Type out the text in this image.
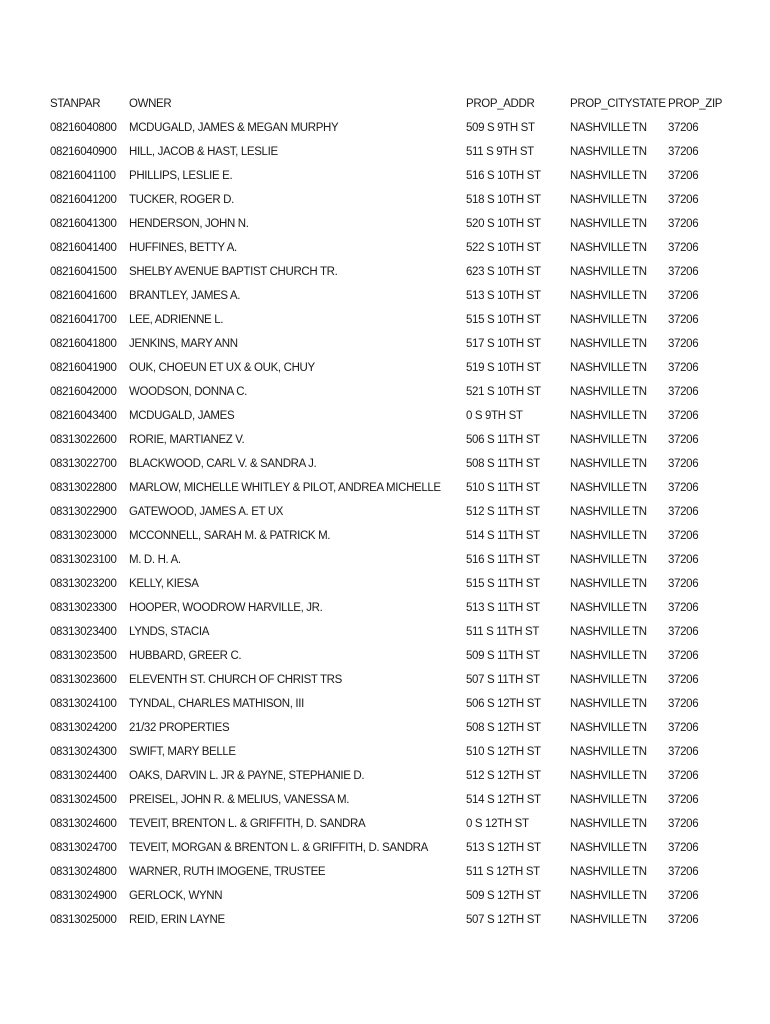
STANPAR	OWNER	PROP_ADDR	PROP_CITY	STATE	PROP_ZIP
08216040800	MCDUGALD, JAMES & MEGAN MURPHY	509 S 9TH ST	NASHVILLE	TN	37206
08216040900	HILL, JACOB & HAST, LESLIE	511 S 9TH ST	NASHVILLE	TN	37206
08216041100	PHILLIPS, LESLIE E.	516 S 10TH ST	NASHVILLE	TN	37206
08216041200	TUCKER, ROGER D.	518 S 10TH ST	NASHVILLE	TN	37206
08216041300	HENDERSON, JOHN N.	520 S 10TH ST	NASHVILLE	TN	37206
08216041400	HUFFINES, BETTY A.	522 S 10TH ST	NASHVILLE	TN	37206
08216041500	SHELBY AVENUE BAPTIST CHURCH TR.	623 S 10TH ST	NASHVILLE	TN	37206
08216041600	BRANTLEY, JAMES A.	513 S 10TH ST	NASHVILLE	TN	37206
08216041700	LEE, ADRIENNE L.	515 S 10TH ST	NASHVILLE	TN	37206
08216041800	JENKINS, MARY ANN	517 S 10TH ST	NASHVILLE	TN	37206
08216041900	OUK, CHOEUN ET UX & OUK, CHUY	519 S 10TH ST	NASHVILLE	TN	37206
08216042000	WOODSON, DONNA C.	521 S 10TH ST	NASHVILLE	TN	37206
08216043400	MCDUGALD, JAMES	0 S 9TH ST	NASHVILLE	TN	37206
08313022600	RORIE, MARTIANEZ V.	506 S 11TH ST	NASHVILLE	TN	37206
08313022700	BLACKWOOD, CARL V. & SANDRA J.	508 S 11TH ST	NASHVILLE	TN	37206
08313022800	MARLOW, MICHELLE WHITLEY & PILOT, ANDREA MICHELLE	510 S 11TH ST	NASHVILLE	TN	37206
08313022900	GATEWOOD, JAMES A. ET UX	512 S 11TH ST	NASHVILLE	TN	37206
08313023000	MCCONNELL, SARAH M. & PATRICK M.	514 S 11TH ST	NASHVILLE	TN	37206
08313023100	M. D. H. A.	516 S 11TH ST	NASHVILLE	TN	37206
08313023200	KELLY, KIESA	515 S 11TH ST	NASHVILLE	TN	37206
08313023300	HOOPER, WOODROW HARVILLE, JR.	513 S 11TH ST	NASHVILLE	TN	37206
08313023400	LYNDS, STACIA	511 S 11TH ST	NASHVILLE	TN	37206
08313023500	HUBBARD, GREER C.	509 S 11TH ST	NASHVILLE	TN	37206
08313023600	ELEVENTH ST. CHURCH OF CHRIST TRS	507 S 11TH ST	NASHVILLE	TN	37206
08313024100	TYNDAL, CHARLES MATHISON, III	506 S 12TH ST	NASHVILLE	TN	37206
08313024200	21/32 PROPERTIES	508 S 12TH ST	NASHVILLE	TN	37206
08313024300	SWIFT, MARY BELLE	510 S 12TH ST	NASHVILLE	TN	37206
08313024400	OAKS, DARVIN L. JR & PAYNE, STEPHANIE D.	512 S 12TH ST	NASHVILLE	TN	37206
08313024500	PREISEL, JOHN R. & MELIUS, VANESSA M.	514 S 12TH ST	NASHVILLE	TN	37206
08313024600	TEVEIT, BRENTON L. & GRIFFITH, D. SANDRA	0 S 12TH ST	NASHVILLE	TN	37206
08313024700	TEVEIT, MORGAN & BRENTON L. & GRIFFITH, D. SANDRA	513 S 12TH ST	NASHVILLE	TN	37206
08313024800	WARNER, RUTH IMOGENE, TRUSTEE	511 S 12TH ST	NASHVILLE	TN	37206
08313024900	GERLOCK, WYNN	509 S 12TH ST	NASHVILLE	TN	37206
08313025000	REID, ERIN LAYNE	507 S 12TH ST	NASHVILLE	TN	37206
